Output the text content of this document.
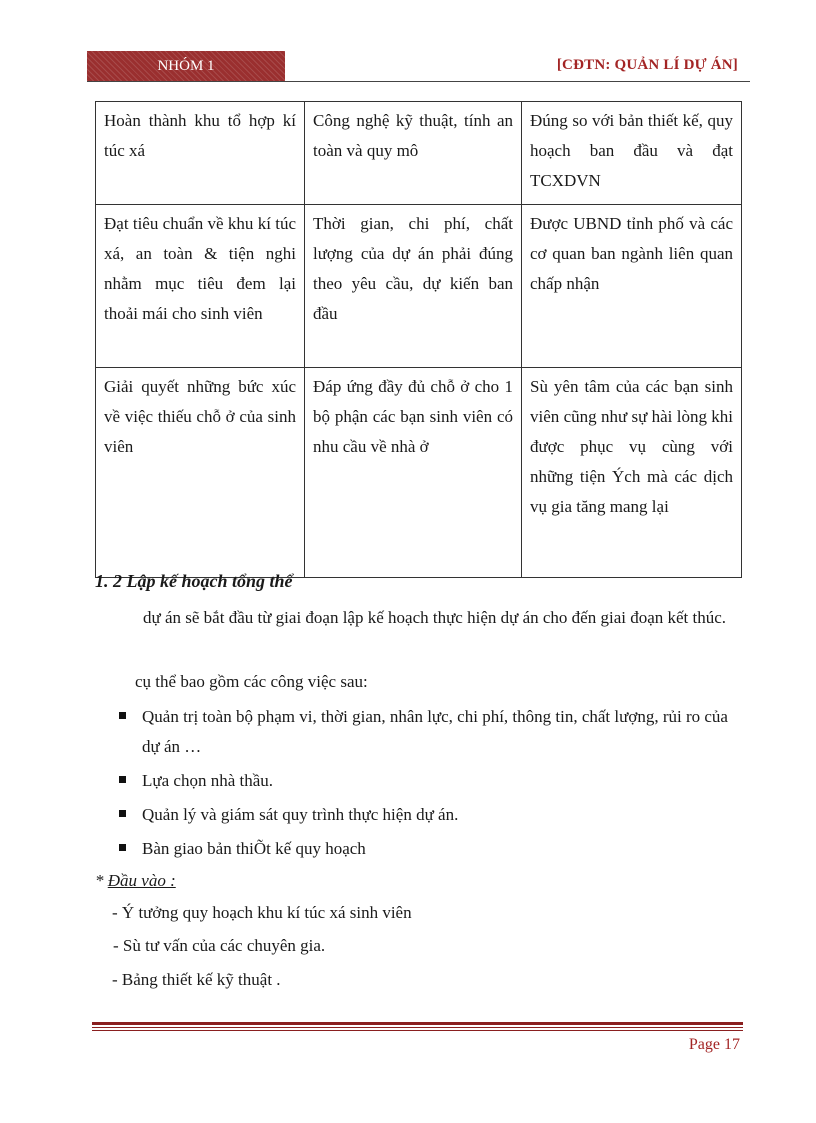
NHÓM 1	[CĐTN: QUẢN LÍ DỰ ÁN]
Hoàn thành khu tổ hợp kí túc xá	Công nghệ kỹ thuật, tính an toàn và quy mô	Đúng so với bản thiết kế, quy hoạch ban đầu và đạt TCXDVN
Đạt tiêu chuẩn về khu kí túc xá, an toàn & tiện nghi nhằm mục tiêu đem lại thoải mái cho sinh viên	Thời gian, chi phí, chất lượng của dự án phải đúng theo yêu cầu, dự kiến ban đầu	Được UBND tỉnh phố và các cơ quan ban ngành liên quan chấp nhận
Giải quyết những bức xúc về việc thiếu chỗ ở của sinh viên	Đáp ứng đầy đủ chỗ ở cho 1 bộ phận các bạn sinh viên có nhu cầu về nhà ở	Sù yên tâm của các bạn sinh viên cũng như sự hài lòng khi được phục vụ cùng với những tiện Ých mà các dịch vụ gia tăng mang lại
1. 2 Lập kế hoạch tổng thể
dự án sẽ bắt đầu từ giai đoạn lập kế hoạch thực hiện dự án cho đến giai đoạn kết thúc.
cụ thể bao gồm các công việc sau:
Quản trị toàn bộ phạm vi, thời gian, nhân lực, chi phí, thông tin, chất lượng, rủi ro của dự án …
Lựa chọn nhà thầu.
Quản lý và giám sát quy trình thực hiện dự án.
Bàn giao bản thiÕt kế quy hoạch
* Đầu vào :
- Ý tưởng quy hoạch khu kí túc xá sinh viên
- Sù tư vấn của các chuyên gia.
- Bảng thiết kế kỹ thuật .
Page 17
